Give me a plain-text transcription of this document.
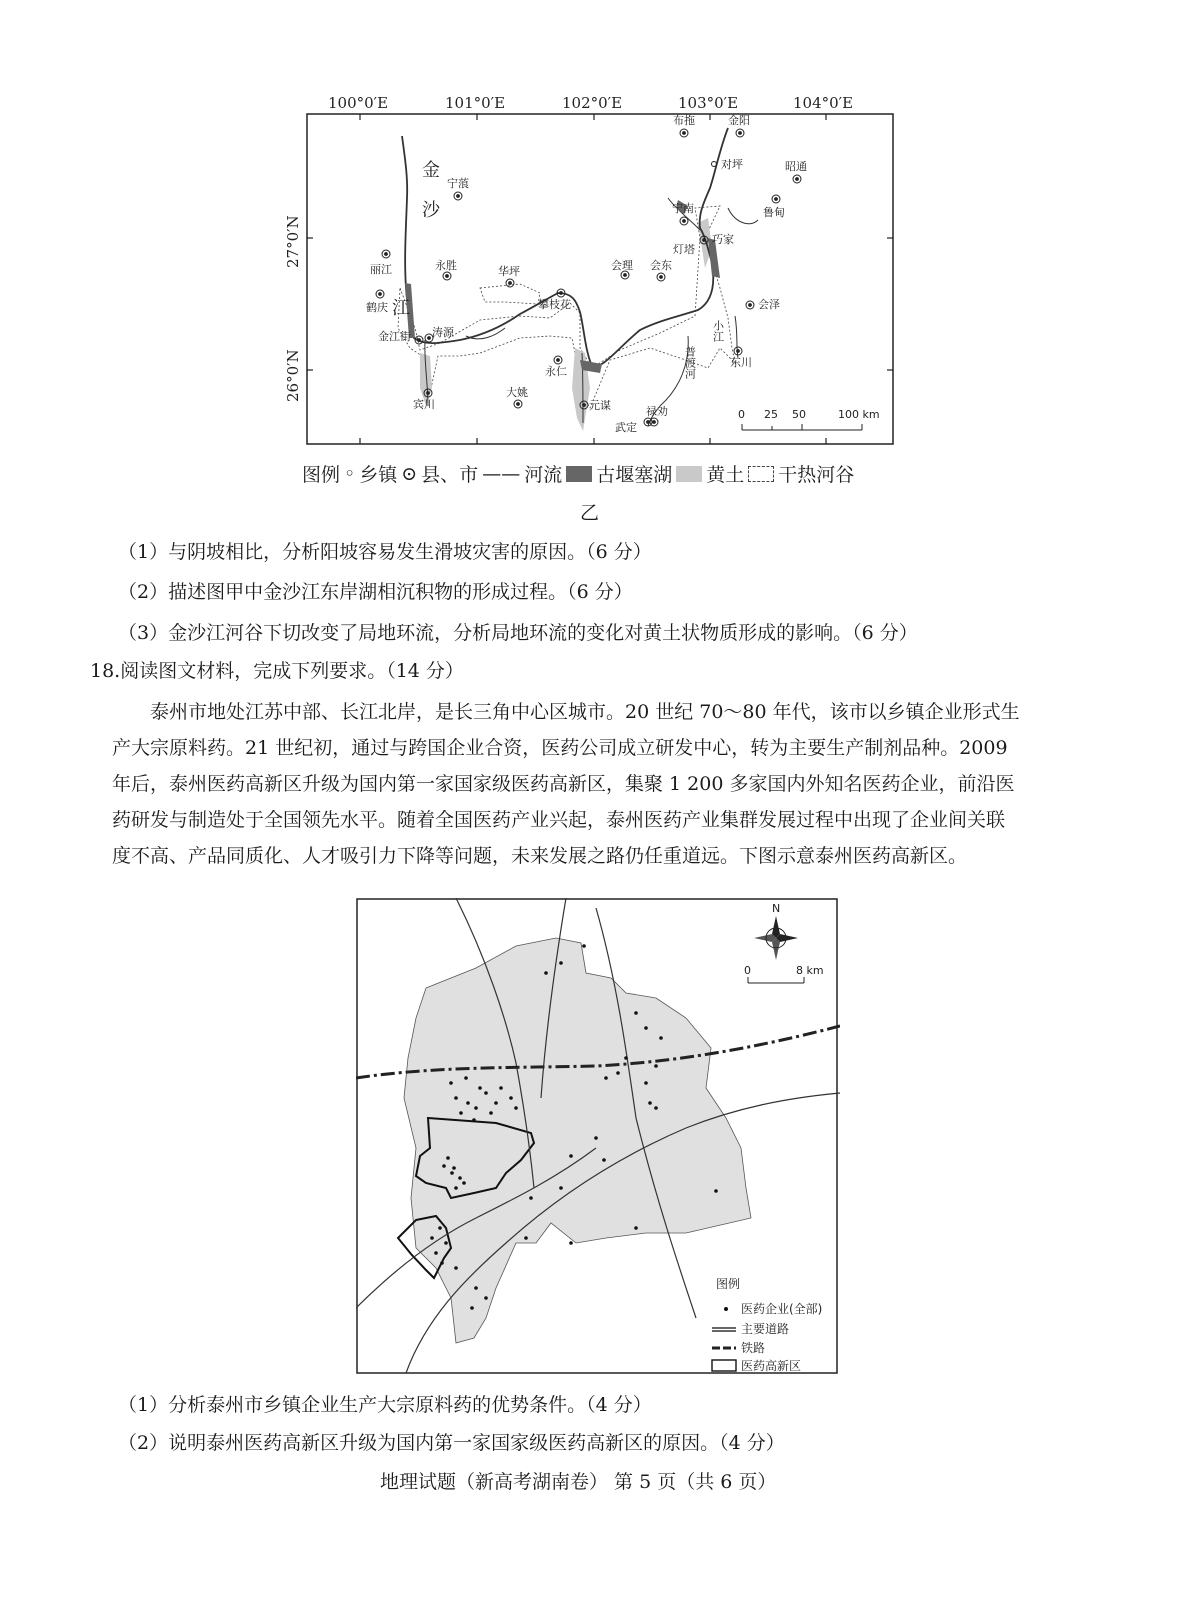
100°0′E	101°0′E	102°0′E	103°0′E	104°0′E
27°0′N
26°0′N
金
沙
江
布拖	金阳
对坪	昭通
宁蒗
鲁甸
宁南
巧家
灯塔
丽江	永胜	华坪	会理 会东
鹤庆	攀枝花	会泽
金江街 涛源	小江
普渡河	东川
永仁
宾川
大姚
元谋	禄劝
武定
0 25 50	100 km
图例 ◦ 乡镇 ⊙ 县、市 —— 河流 古堰塞湖 黄土 干热河谷
乙
（1）与阴坡相比，分析阳坡容易发生滑坡灾害的原因。（6 分）
（2）描述图甲中金沙江东岸湖相沉积物的形成过程。（6 分）
（3）金沙江河谷下切改变了局地环流，分析局地环流的变化对黄土状物质形成的影响。（6 分）
18.阅读图文材料，完成下列要求。（14 分）
泰州市地处江苏中部、长江北岸，是长三角中心区城市。20 世纪 70～80 年代，该市以乡镇企业形式生
产大宗原料药。21 世纪初，通过与跨国企业合资，医药公司成立研发中心，转为主要生产制剂品种。2009
年后，泰州医药高新区升级为国内第一家国家级医药高新区，集聚 1 200 多家国内外知名医药企业，前沿医
药研发与制造处于全国领先水平。随着全国医药产业兴起，泰州医药产业集群发展过程中出现了企业间关联
度不高、产品同质化、人才吸引力下降等问题，未来发展之路仍任重道远。下图示意泰州医药高新区。
N
0	8 km
图例
医药企业(全部)
主要道路
铁路
医药高新区
（1）分析泰州市乡镇企业生产大宗原料药的优势条件。（4 分）
（2）说明泰州医药高新区升级为国内第一家国家级医药高新区的原因。（4 分）
地理试题（新高考湖南卷） 第 5 页（共 6 页）
